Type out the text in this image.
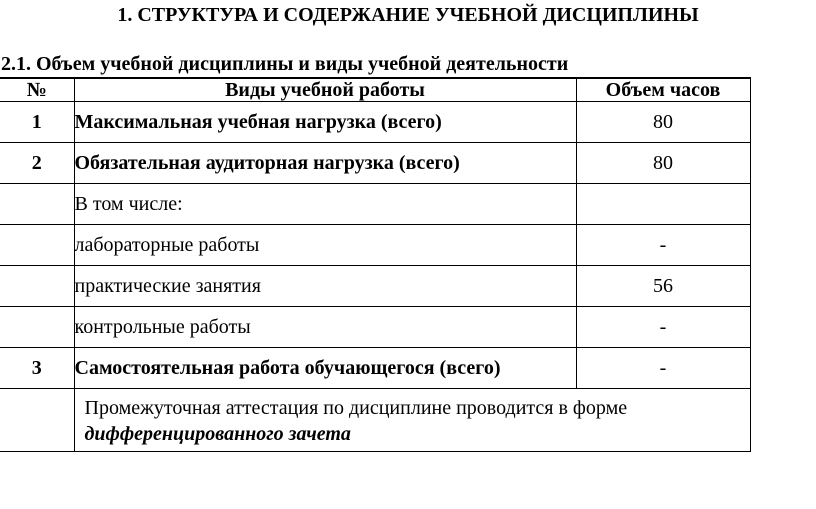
1. СТРУКТУРА И СОДЕРЖАНИЕ УЧЕБНОЙ ДИСЦИПЛИНЫ
2.1. Объем учебной дисциплины и виды учебной деятельности
№	Виды учебной работы	Объем часов
1	Максимальная учебная нагрузка (всего)	80
2	Обязательная аудиторная нагрузка (всего)	80
	В том числе:	
	лабораторные работы	-
	практические занятия	56
	контрольные работы	-
3	Самостоятельная работа обучающегося (всего)	-

	Промежуточная аттестация по дисциплине проводится в форме
дифференцированного зачета	
